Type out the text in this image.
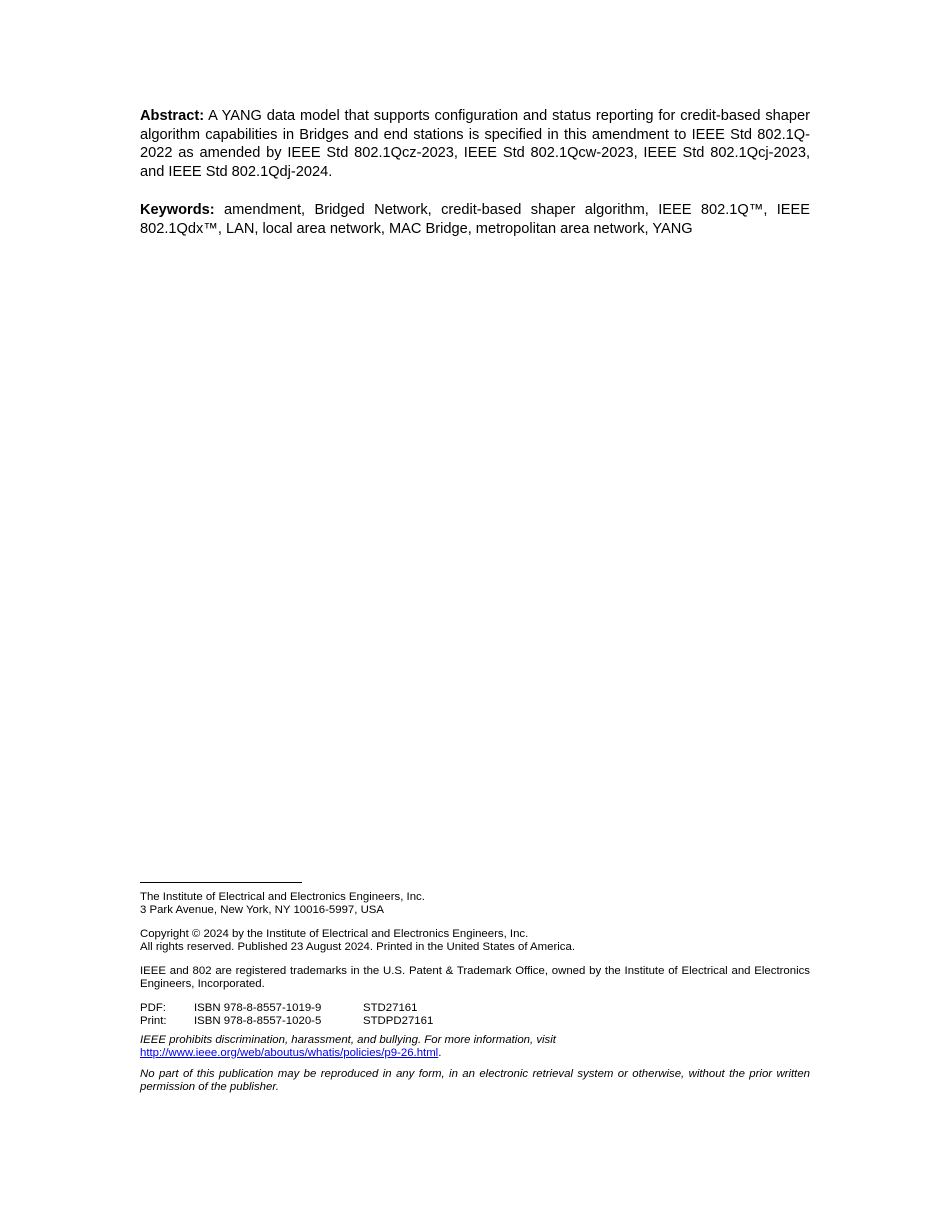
Abstract: A YANG data model that supports configuration and status reporting for credit-based shaper algorithm capabilities in Bridges and end stations is specified in this amendment to IEEE Std 802.1Q-2022 as amended by IEEE Std 802.1Qcz-2023, IEEE Std 802.1Qcw-2023, IEEE Std 802.1Qcj-2023, and IEEE Std 802.1Qdj-2024.

Keywords: amendment, Bridged Network, credit-based shaper algorithm, IEEE 802.1Q™, IEEE 802.1Qdx™, LAN, local area network, MAC Bridge, metropolitan area network, YANG

The Institute of Electrical and Electronics Engineers, Inc.
3 Park Avenue, New York, NY 10016-5997, USA
Copyright © 2024 by the Institute of Electrical and Electronics Engineers, Inc.
All rights reserved. Published 23 August 2024. Printed in the United States of America.

IEEE and 802 are registered trademarks in the U.S. Patent & Trademark Office, owned by the Institute of Electrical and Electronics Engineers, Incorporated.

PDF:	ISBN 978-8-8557-1019-9	STD27161
Print:	ISBN 978-8-8557-1020-5	STDPD27161
IEEE prohibits discrimination, harassment, and bullying. For more information, visit
http://www.ieee.org/web/aboutus/whatis/policies/p9-26.html.

No part of this publication may be reproduced in any form, in an electronic retrieval system or otherwise, without the prior written permission of the publisher.
